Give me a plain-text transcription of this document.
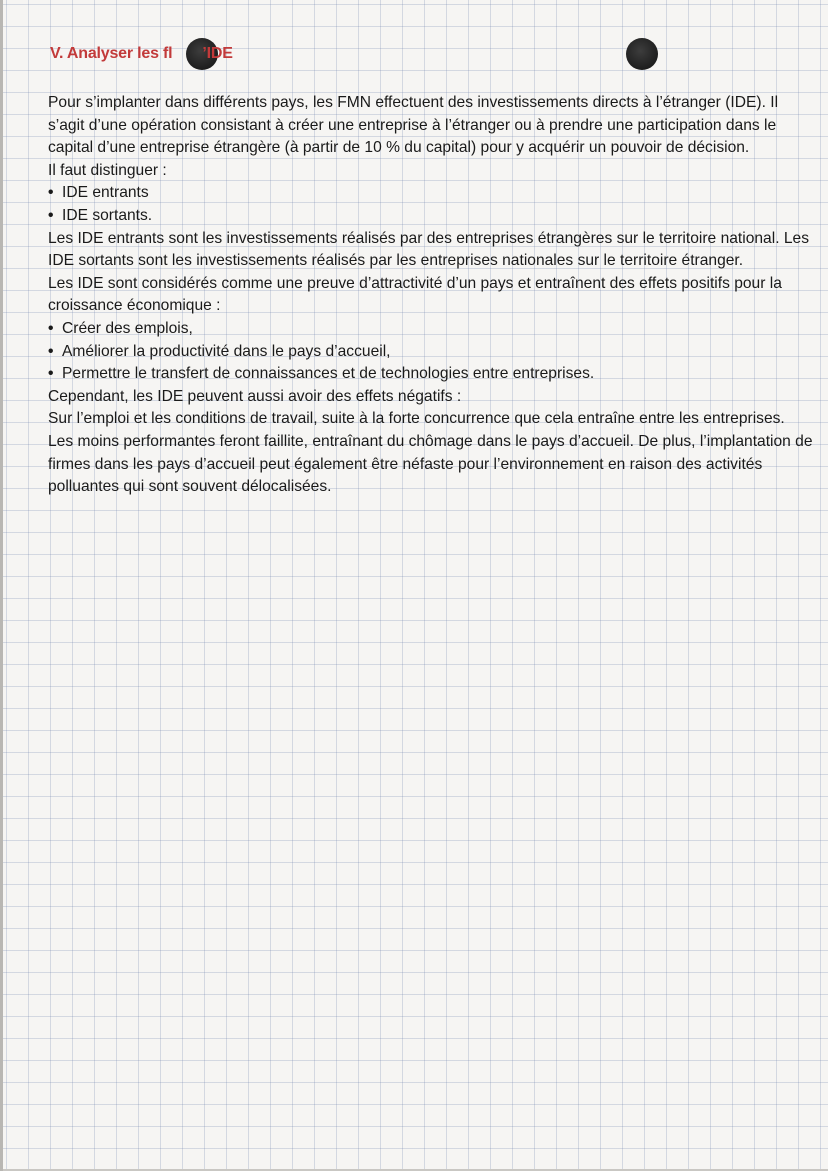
V. Analyser les fl ’IDE

Pour s’implanter dans différents pays, les FMN effectuent des investissements directs à l’étranger (IDE). Il s’agit d’une opération consistant à créer une entreprise à l’étranger ou à prendre une participation dans le capital d’une entreprise étrangère (à partir de 10 % du capital) pour y acquérir un pouvoir de décision.

Il faut distinguer :

• IDE entrants
• IDE sortants.

Les IDE entrants sont les investissements réalisés par des entreprises étrangères sur le territoire national. Les IDE sortants sont les investissements réalisés par les entreprises nationales sur le territoire étranger.

Les IDE sont considérés comme une preuve d’attractivité d’un pays et entraînent des effets positifs pour la croissance économique :

• Créer des emplois,
• Améliorer la productivité dans le pays d’accueil,
• Permettre le transfert de connaissances et de technologies entre entreprises.

Cependant, les IDE peuvent aussi avoir des effets négatifs :

Sur l’emploi et les conditions de travail, suite à la forte concurrence que cela entraîne entre les entreprises. Les moins performantes feront faillite, entraînant du chômage dans le pays d’accueil. De plus, l’implantation de firmes dans les pays d’accueil peut également être néfaste pour l’environnement en raison des activités polluantes qui sont souvent délocalisées.
